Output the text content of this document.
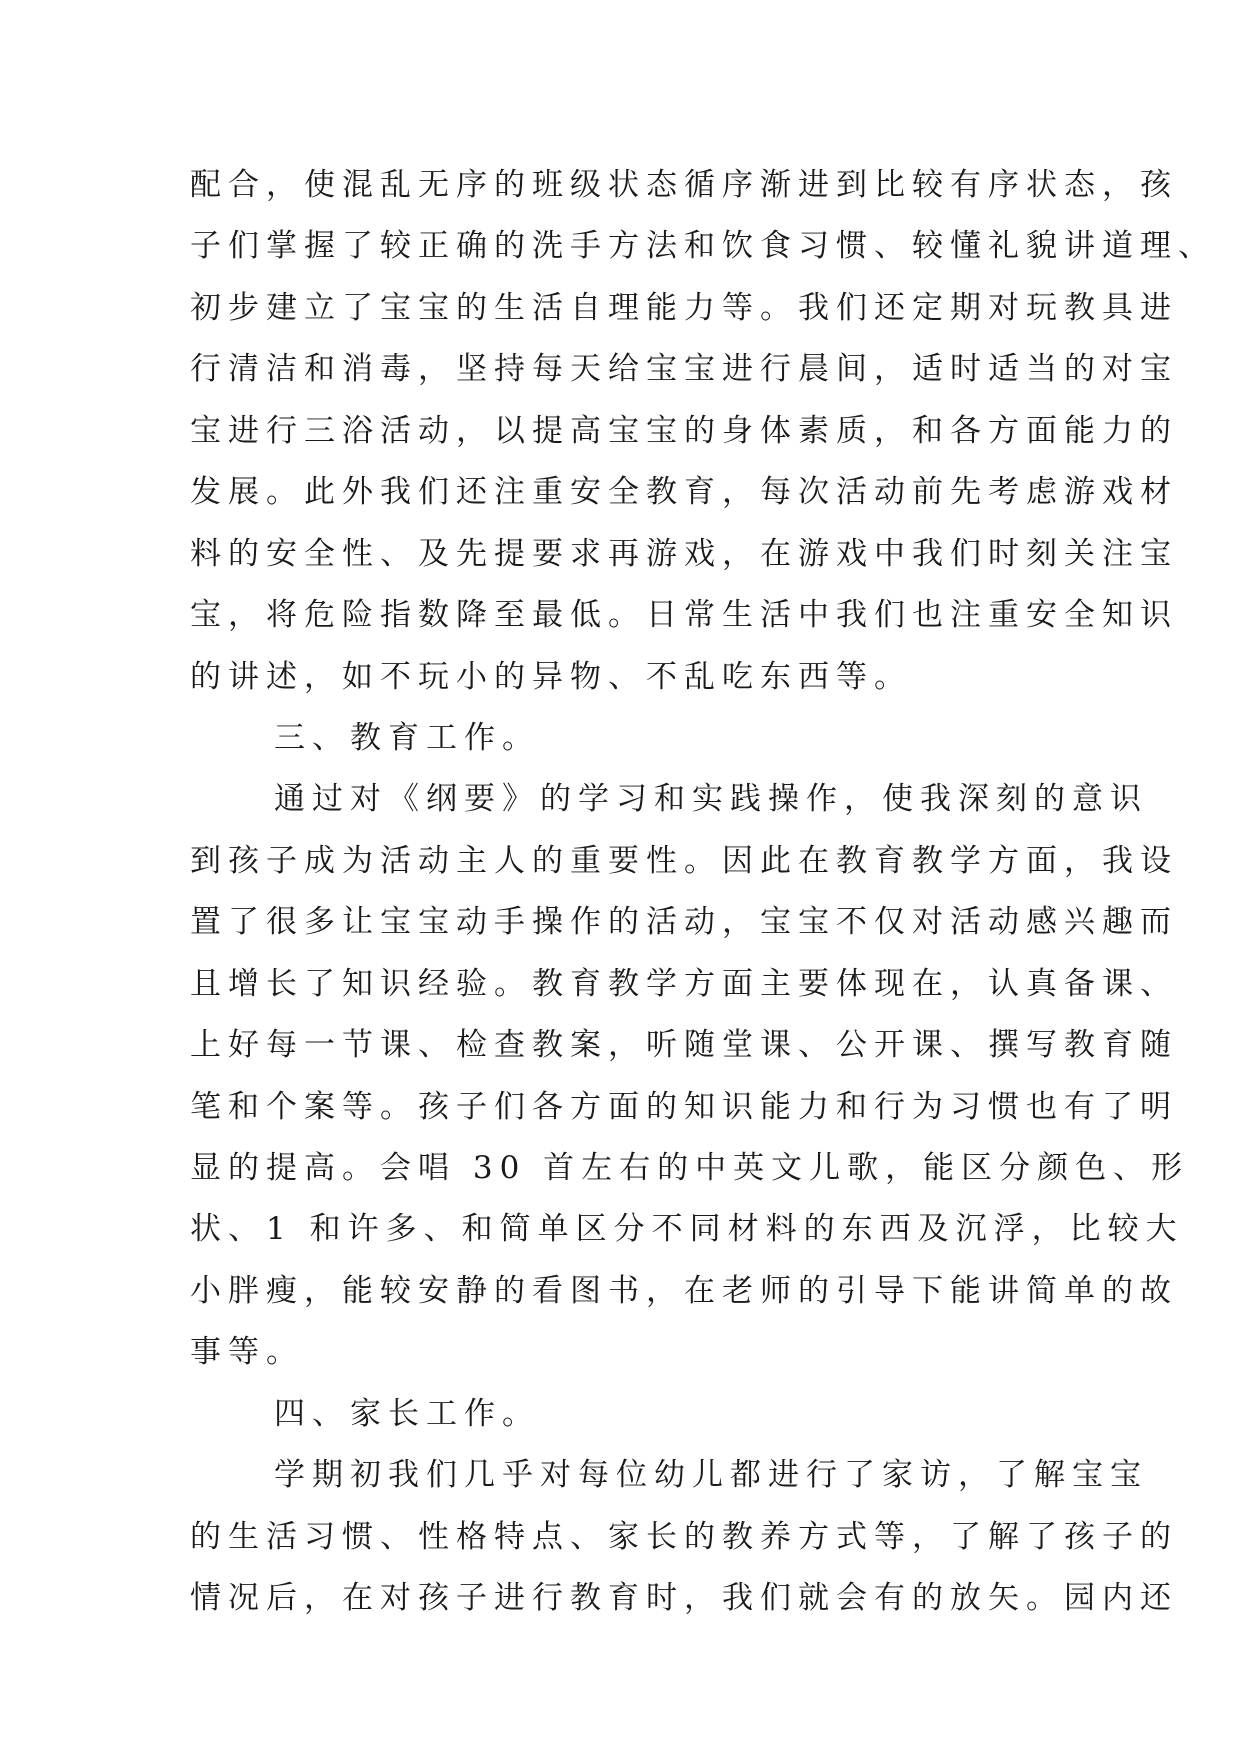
配合，使混乱无序的班级状态循序渐进到比较有序状态，孩
子们掌握了较正确的洗手方法和饮食习惯、较懂礼貌讲道理、
初步建立了宝宝的生活自理能力等。我们还定期对玩教具进
行清洁和消毒，坚持每天给宝宝进行晨间，适时适当的对宝
宝进行三浴活动，以提高宝宝的身体素质，和各方面能力的
发展。此外我们还注重安全教育，每次活动前先考虑游戏材
料的安全性、及先提要求再游戏，在游戏中我们时刻关注宝
宝，将危险指数降至最低。日常生活中我们也注重安全知识
的讲述，如不玩小的异物、不乱吃东西等。
三、教育工作。
通过对《纲要》的学习和实践操作，使我深刻的意识
到孩子成为活动主人的重要性。因此在教育教学方面，我设
置了很多让宝宝动手操作的活动，宝宝不仅对活动感兴趣而
且增长了知识经验。教育教学方面主要体现在，认真备课、
上好每一节课、检查教案，听随堂课、公开课、撰写教育随
笔和个案等。孩子们各方面的知识能力和行为习惯也有了明
显的提高。会唱 30 首左右的中英文儿歌，能区分颜色、形
状、1 和许多、和简单区分不同材料的东西及沉浮，比较大
小胖瘦，能较安静的看图书，在老师的引导下能讲简单的故
事等。
四、家长工作。
学期初我们几乎对每位幼儿都进行了家访，了解宝宝
的生活习惯、性格特点、家长的教养方式等，了解了孩子的
情况后，在对孩子进行教育时，我们就会有的放矢。园内还
